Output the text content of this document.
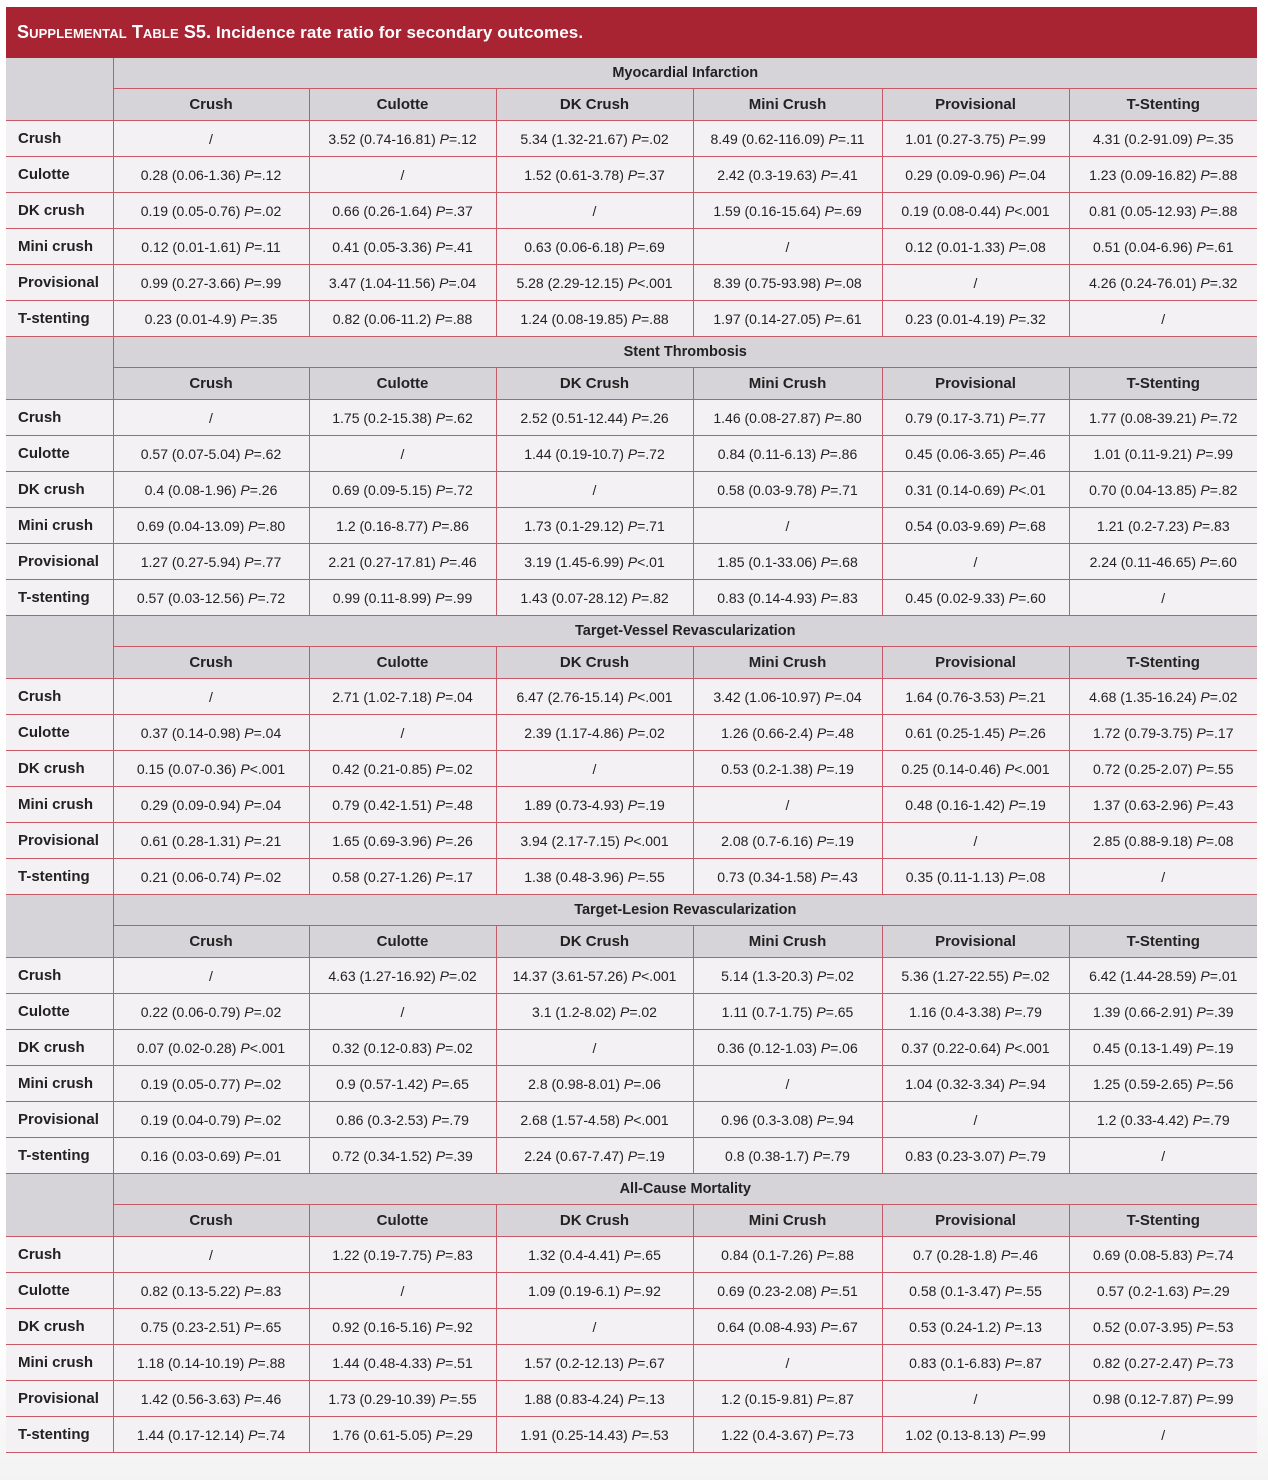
Supplemental Table S5. Incidence rate ratio for secondary outcomes.
	Myocardial Infarction					
	Crush	Culotte	DK Crush	Mini Crush	Provisional	T-Stenting
Crush	/	3.52 (0.74-16.81) P=.12	5.34 (1.32-21.67) P=.02	8.49 (0.62-116.09) P=.11	1.01 (0.27-3.75) P=.99	4.31 (0.2-91.09) P=.35
Culotte	0.28 (0.06-1.36) P=.12	/	1.52 (0.61-3.78) P=.37	2.42 (0.3-19.63) P=.41	0.29 (0.09-0.96) P=.04	1.23 (0.09-16.82) P=.88
DK crush	0.19 (0.05-0.76) P=.02	0.66 (0.26-1.64) P=.37	/	1.59 (0.16-15.64) P=.69	0.19 (0.08-0.44) P<.001	0.81 (0.05-12.93) P=.88
Mini crush	0.12 (0.01-1.61) P=.11	0.41 (0.05-3.36) P=.41	0.63 (0.06-6.18) P=.69	/	0.12 (0.01-1.33) P=.08	0.51 (0.04-6.96) P=.61
Provisional	0.99 (0.27-3.66) P=.99	3.47 (1.04-11.56) P=.04	5.28 (2.29-12.15) P<.001	8.39 (0.75-93.98) P=.08	/	4.26 (0.24-76.01) P=.32
T-stenting	0.23 (0.01-4.9) P=.35	0.82 (0.06-11.2) P=.88	1.24 (0.08-19.85) P=.88	1.97 (0.14-27.05) P=.61	0.23 (0.01-4.19) P=.32	/
	Stent Thrombosis					
	Crush	Culotte	DK Crush	Mini Crush	Provisional	T-Stenting
Crush	/	1.75 (0.2-15.38) P=.62	2.52 (0.51-12.44) P=.26	1.46 (0.08-27.87) P=.80	0.79 (0.17-3.71) P=.77	1.77 (0.08-39.21) P=.72
Culotte	0.57 (0.07-5.04) P=.62	/	1.44 (0.19-10.7) P=.72	0.84 (0.11-6.13) P=.86	0.45 (0.06-3.65) P=.46	1.01 (0.11-9.21) P=.99
DK crush	0.4 (0.08-1.96) P=.26	0.69 (0.09-5.15) P=.72	/	0.58 (0.03-9.78) P=.71	0.31 (0.14-0.69) P<.01	0.70 (0.04-13.85) P=.82
Mini crush	0.69 (0.04-13.09) P=.80	1.2 (0.16-8.77) P=.86	1.73 (0.1-29.12) P=.71	/	0.54 (0.03-9.69) P=.68	1.21 (0.2-7.23) P=.83
Provisional	1.27 (0.27-5.94) P=.77	2.21 (0.27-17.81) P=.46	3.19 (1.45-6.99) P<.01	1.85 (0.1-33.06) P=.68	/	2.24 (0.11-46.65) P=.60
T-stenting	0.57 (0.03-12.56) P=.72	0.99 (0.11-8.99) P=.99	1.43 (0.07-28.12) P=.82	0.83 (0.14-4.93) P=.83	0.45 (0.02-9.33) P=.60	/
	Target-Vessel Revascularization					
	Crush	Culotte	DK Crush	Mini Crush	Provisional	T-Stenting
Crush	/	2.71 (1.02-7.18) P=.04	6.47 (2.76-15.14) P<.001	3.42 (1.06-10.97) P=.04	1.64 (0.76-3.53) P=.21	4.68 (1.35-16.24) P=.02
Culotte	0.37 (0.14-0.98) P=.04	/	2.39 (1.17-4.86) P=.02	1.26 (0.66-2.4) P=.48	0.61 (0.25-1.45) P=.26	1.72 (0.79-3.75) P=.17
DK crush	0.15 (0.07-0.36) P<.001	0.42 (0.21-0.85) P=.02	/	0.53 (0.2-1.38) P=.19	0.25 (0.14-0.46) P<.001	0.72 (0.25-2.07) P=.55
Mini crush	0.29 (0.09-0.94) P=.04	0.79 (0.42-1.51) P=.48	1.89 (0.73-4.93) P=.19	/	0.48 (0.16-1.42) P=.19	1.37 (0.63-2.96) P=.43
Provisional	0.61 (0.28-1.31) P=.21	1.65 (0.69-3.96) P=.26	3.94 (2.17-7.15) P<.001	2.08 (0.7-6.16) P=.19	/	2.85 (0.88-9.18) P=.08
T-stenting	0.21 (0.06-0.74) P=.02	0.58 (0.27-1.26) P=.17	1.38 (0.48-3.96) P=.55	0.73 (0.34-1.58) P=.43	0.35 (0.11-1.13) P=.08	/
	Target-Lesion Revascularization					
	Crush	Culotte	DK Crush	Mini Crush	Provisional	T-Stenting
Crush	/	4.63 (1.27-16.92) P=.02	14.37 (3.61-57.26) P<.001	5.14 (1.3-20.3) P=.02	5.36 (1.27-22.55) P=.02	6.42 (1.44-28.59) P=.01
Culotte	0.22 (0.06-0.79) P=.02	/	3.1 (1.2-8.02) P=.02	1.11 (0.7-1.75) P=.65	1.16 (0.4-3.38) P=.79	1.39 (0.66-2.91) P=.39
DK crush	0.07 (0.02-0.28) P<.001	0.32 (0.12-0.83) P=.02	/	0.36 (0.12-1.03) P=.06	0.37 (0.22-0.64) P<.001	0.45 (0.13-1.49) P=.19
Mini crush	0.19 (0.05-0.77) P=.02	0.9 (0.57-1.42) P=.65	2.8 (0.98-8.01) P=.06	/	1.04 (0.32-3.34) P=.94	1.25 (0.59-2.65) P=.56
Provisional	0.19 (0.04-0.79) P=.02	0.86 (0.3-2.53) P=.79	2.68 (1.57-4.58) P<.001	0.96 (0.3-3.08) P=.94	/	1.2 (0.33-4.42) P=.79
T-stenting	0.16 (0.03-0.69) P=.01	0.72 (0.34-1.52) P=.39	2.24 (0.67-7.47) P=.19	0.8 (0.38-1.7) P=.79	0.83 (0.23-3.07) P=.79	/
	All-Cause Mortality					
	Crush	Culotte	DK Crush	Mini Crush	Provisional	T-Stenting
Crush	/	1.22 (0.19-7.75) P=.83	1.32 (0.4-4.41) P=.65	0.84 (0.1-7.26) P=.88	0.7 (0.28-1.8) P=.46	0.69 (0.08-5.83) P=.74
Culotte	0.82 (0.13-5.22) P=.83	/	1.09 (0.19-6.1) P=.92	0.69 (0.23-2.08) P=.51	0.58 (0.1-3.47) P=.55	0.57 (0.2-1.63) P=.29
DK crush	0.75 (0.23-2.51) P=.65	0.92 (0.16-5.16) P=.92	/	0.64 (0.08-4.93) P=.67	0.53 (0.24-1.2) P=.13	0.52 (0.07-3.95) P=.53
Mini crush	1.18 (0.14-10.19) P=.88	1.44 (0.48-4.33) P=.51	1.57 (0.2-12.13) P=.67	/	0.83 (0.1-6.83) P=.87	0.82 (0.27-2.47) P=.73
Provisional	1.42 (0.56-3.63) P=.46	1.73 (0.29-10.39) P=.55	1.88 (0.83-4.24) P=.13	1.2 (0.15-9.81) P=.87	/	0.98 (0.12-7.87) P=.99
T-stenting	1.44 (0.17-12.14) P=.74	1.76 (0.61-5.05) P=.29	1.91 (0.25-14.43) P=.53	1.22 (0.4-3.67) P=.73	1.02 (0.13-8.13) P=.99	/
